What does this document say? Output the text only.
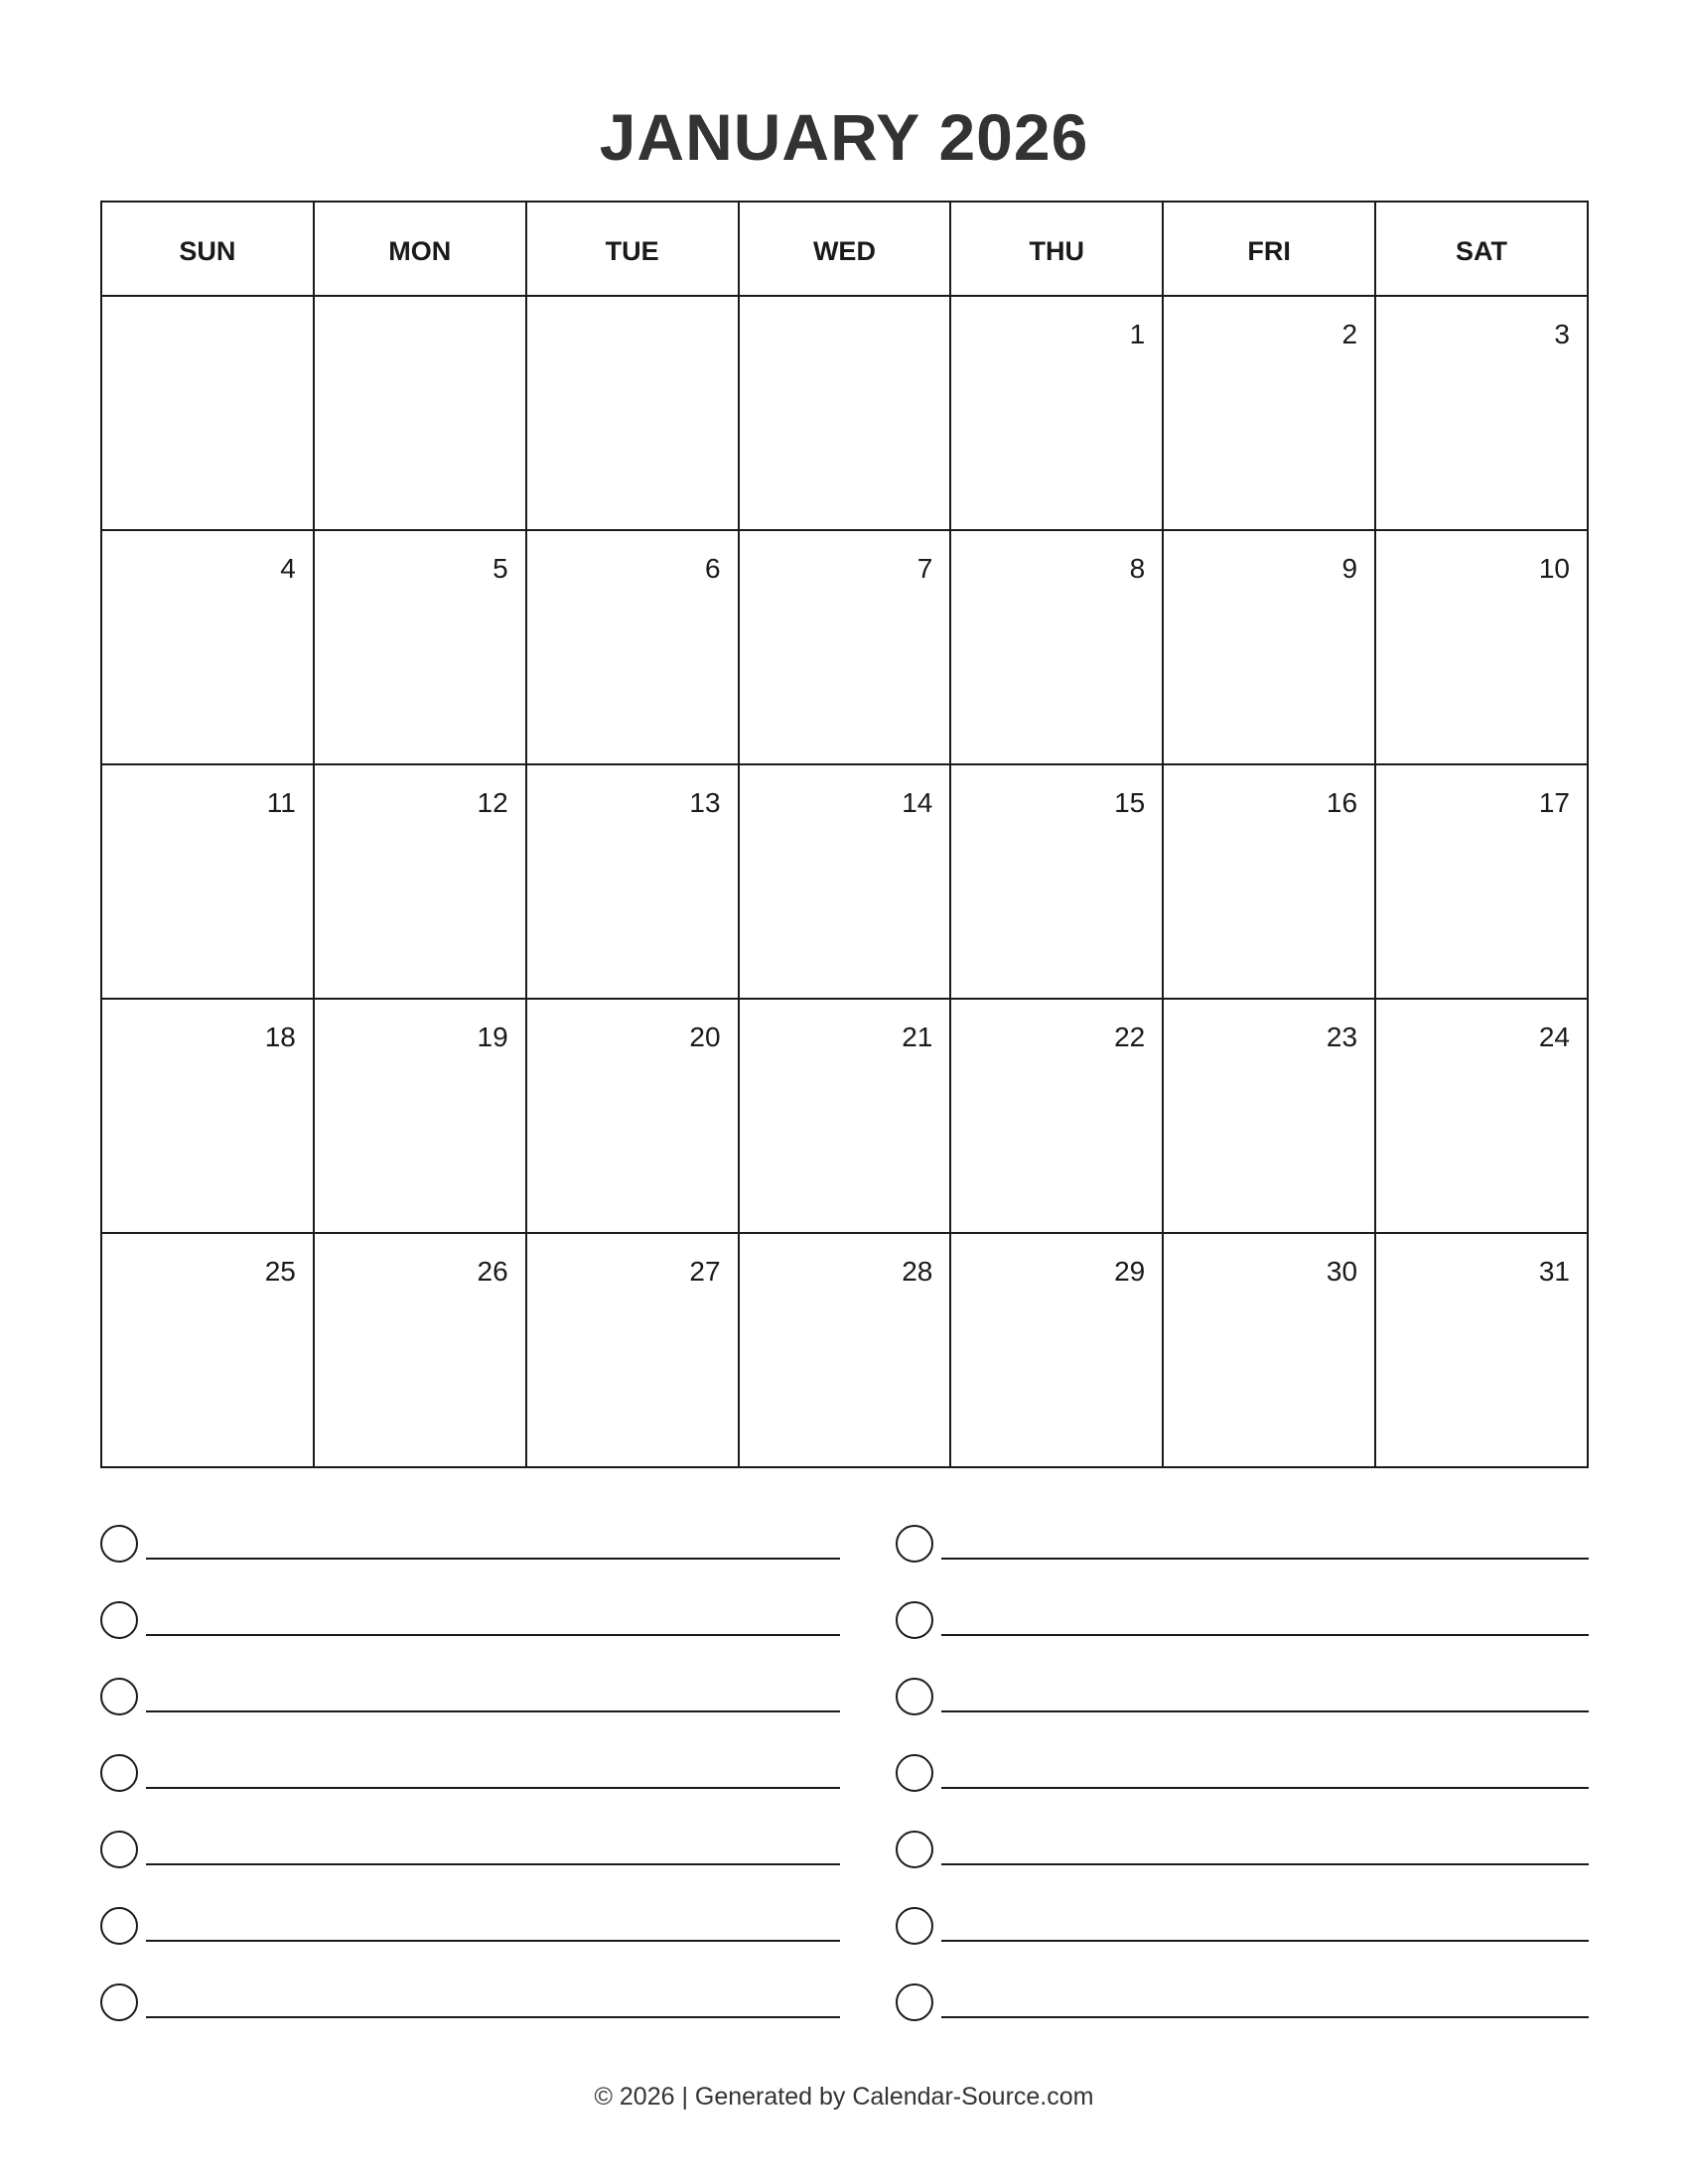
JANUARY 2026
SUN	MON	TUE	WED	THU	FRI	SAT

				1	2	3

4	5	6	7	8	9	10

11	12	13	14	15	16	17

18	19	20	21	22	23	24

25	26	27	28	29	30	31
© 2026 | Generated by Calendar-Source.com
